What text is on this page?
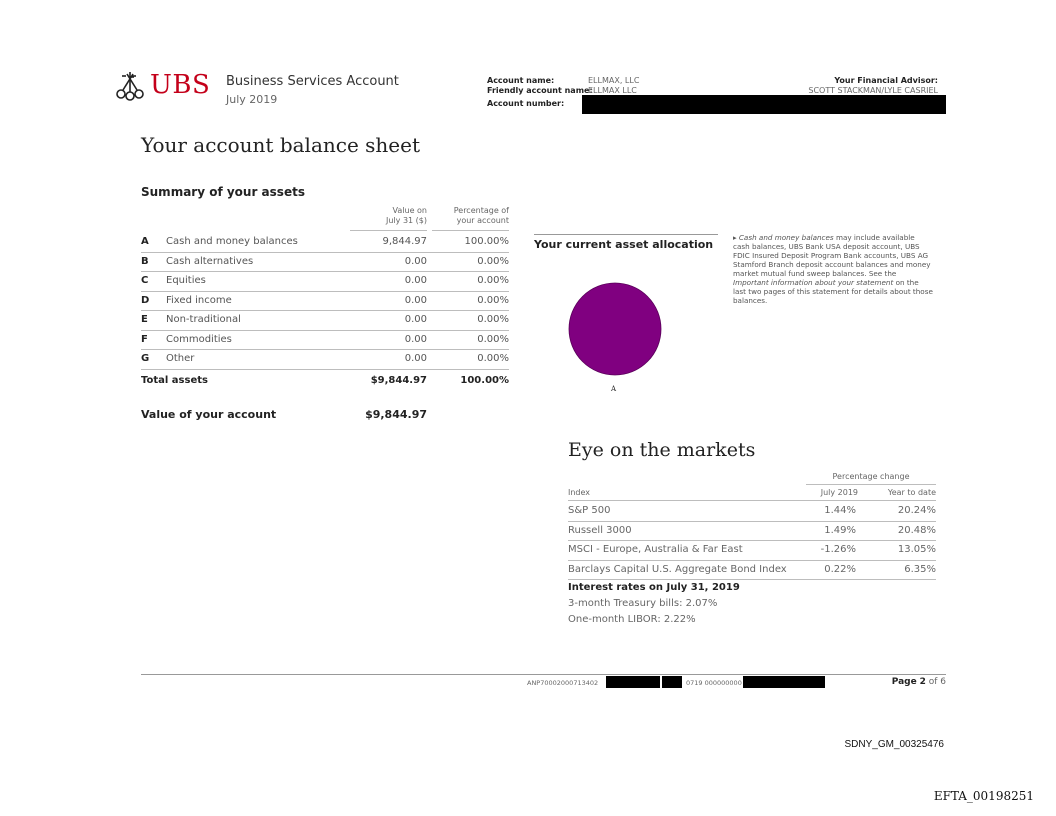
UBS Business Services Account
July 2019
Account name:	ELLMAX, LLC
Friendly account name:
ELLMAX LLC
Account number:
Your Financial Advisor:
SCOTT STACKMAN/LYLE CASRIEL
Your account balance sheet
Summary of your assets
Value on
July 31 ($)
Percentage of
your account
A Cash and money balances	9,844.97	100.00%
B Cash alternatives	0.00	0.00%
C Equities	0.00	0.00%
D Fixed income	0.00	0.00%
E Non-traditional	0.00	0.00%
F Commodities	0.00	0.00%
G Other	0.00	0.00%
Total assets	$9,844.97	100.00%
Value of your account	$9,844.97
Your current asset allocation
A
▸ Cash and money balances may include available cash balances, UBS Bank USA deposit account, UBS FDIC Insured Deposit Program Bank accounts, UBS AG Stamford Branch deposit account balances and money market mutual fund sweep balances. See the Important information about your statement on the last two pages of this statement for details about those balances.
Eye on the markets
Percentage change
Index	July 2019	Year to date
S&P 500	1.44%	20.24%
Russell 3000	1.49%	20.48%
MSCI - Europe, Australia & Far East	-1.26%	13.05%
Barclays Capital U.S. Aggregate Bond Index	0.22%	6.35%
Interest rates on July 31, 2019
3-month Treasury bills: 2.07%
One-month LIBOR: 2.22%
ANP70002000713402	0719 000000000	Page 2 of 6
SDNY_GM_00325476
EFTA_00198251
